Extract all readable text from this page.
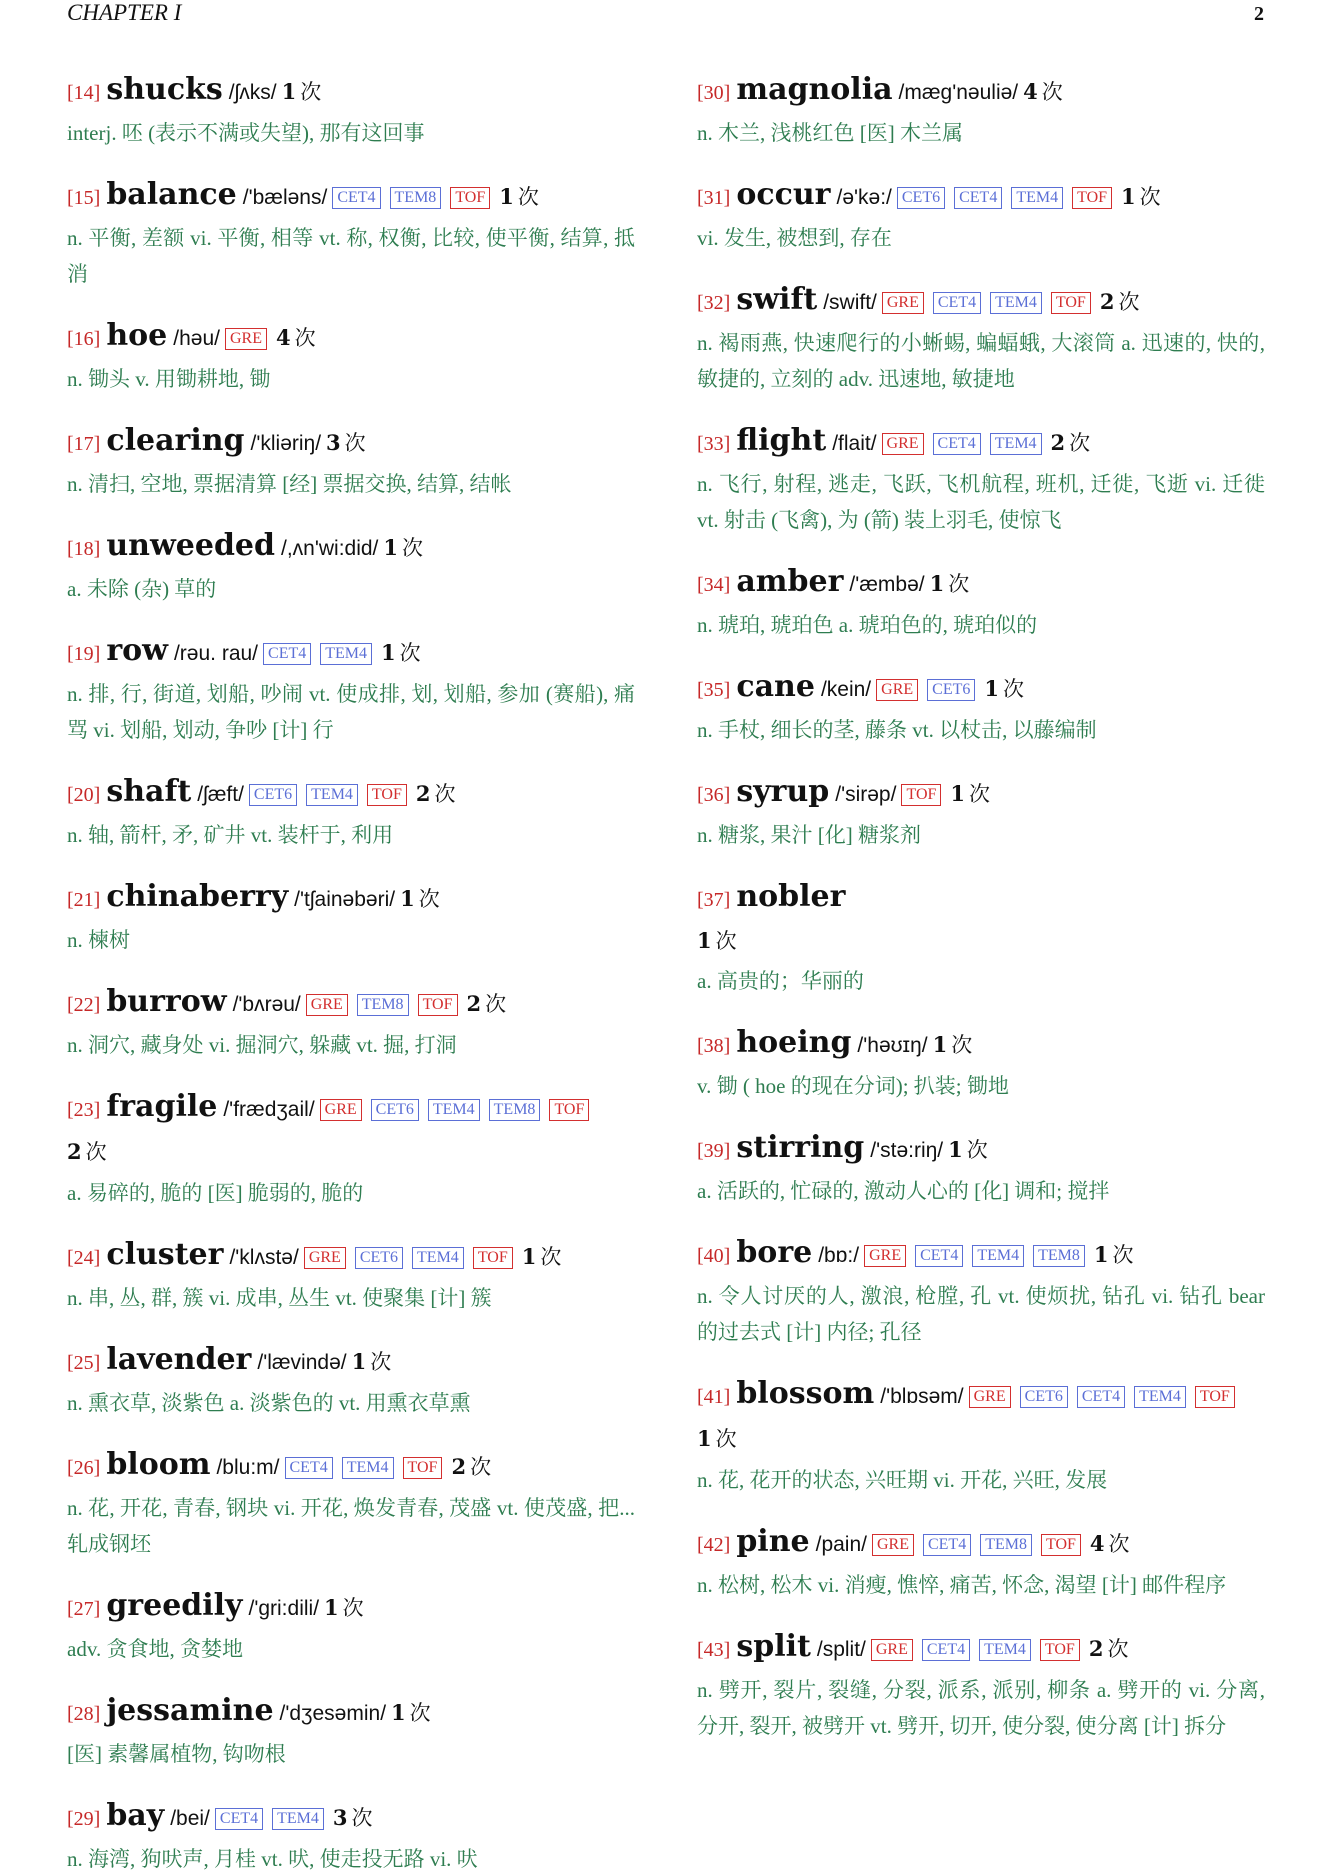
CHAPTER I	2
[14] shucks /ʃʌks/ 1 次
interj. 呸 (表示不满或失望), 那有这回事
[15] balance /'bæləns/ CET4 TEM8 TOF 1 次
n. 平衡, 差额 vi. 平衡, 相等 vt. 称, 权衡, 比较, 使平衡, 结算, 抵消
[16] hoe /həu/ GRE 4 次
n. 锄头 v. 用锄耕地, 锄
[17] clearing /'kliəriŋ/ 3 次
n. 清扫, 空地, 票据清算 [经] 票据交换, 结算, 结帐
[18] unweeded /,ʌn'wi:did/ 1 次
a. 未除 (杂) 草的
[19] row /rəu. rau/ CET4 TEM4 1 次
n. 排, 行, 街道, 划船, 吵闹 vt. 使成排, 划, 划船, 参加 (赛船), 痛骂 vi. 划船, 划动, 争吵 [计] 行
[20] shaft /ʃæft/ CET6 TEM4 TOF 2 次
n. 轴, 箭杆, 矛, 矿井 vt. 装杆于, 利用
[21] chinaberry /'tʃainəbəri/ 1 次
n. 楝树
[22] burrow /'bʌrəu/ GRE TEM8 TOF 2 次
n. 洞穴, 藏身处 vi. 掘洞穴, 躲藏 vt. 掘, 打洞
[23] fragile /'frædʒail/ GRE CET6 TEM4 TEM8 TOF 2 次
a. 易碎的, 脆的 [医] 脆弱的, 脆的
[24] cluster /'klʌstə/ GRE CET6 TEM4 TOF 1 次
n. 串, 丛, 群, 簇 vi. 成串, 丛生 vt. 使聚集 [计] 簇
[25] lavender /'lævində/ 1 次
n. 熏衣草, 淡紫色 a. 淡紫色的 vt. 用熏衣草熏
[26] bloom /blu:m/ CET4 TEM4 TOF 2 次
n. 花, 开花, 青春, 钢块 vi. 开花, 焕发青春, 茂盛 vt. 使茂盛, 把... 轧成钢坯
[27] greedily /'gri:dili/ 1 次
adv. 贪食地, 贪婪地
[28] jessamine /'dʒesəmin/ 1 次
[医] 素馨属植物, 钩吻根
[29] bay /bei/ CET4 TEM4 3 次
n. 海湾, 狗吠声, 月桂 vt. 吠, 使走投无路 vi. 吠
[30] magnolia /mæg'nəuliə/ 4 次
n. 木兰, 浅桃红色 [医] 木兰属
[31] occur /ə'kə:/ CET6 CET4 TEM4 TOF 1 次
vi. 发生, 被想到, 存在
[32] swift /swift/ GRE CET4 TEM4 TOF 2 次
n. 褐雨燕, 快速爬行的小蜥蜴, 蝙蝠蛾, 大滚筒 a. 迅速的, 快的, 敏捷的, 立刻的 adv. 迅速地, 敏捷地
[33] flight /flait/ GRE CET4 TEM4 2 次
n. 飞行, 射程, 逃走, 飞跃, 飞机航程, 班机, 迁徙, 飞逝 vi. 迁徙 vt. 射击 (飞禽), 为 (箭) 装上羽毛, 使惊飞
[34] amber /'æmbə/ 1 次
n. 琥珀, 琥珀色 a. 琥珀色的, 琥珀似的
[35] cane /kein/ GRE CET6 1 次
n. 手杖, 细长的茎, 藤条 vt. 以杖击, 以藤编制
[36] syrup /'sirəp/ TOF 1 次
n. 糖浆, 果汁 [化] 糖浆剂
[37] nobler
1 次
a. 高贵的；华丽的
[38] hoeing /'həʊɪŋ/ 1 次
v. 锄 ( hoe 的现在分词); 扒装; 锄地
[39] stirring /'stə:riŋ/ 1 次
a. 活跃的, 忙碌的, 激动人心的 [化] 调和; 搅拌
[40] bore /bɒ:/ GRE CET4 TEM4 TEM8 1 次
n. 令人讨厌的人, 激浪, 枪膛, 孔 vt. 使烦扰, 钻孔 vi. 钻孔 bear 的过去式 [计] 内径; 孔径
[41] blossom /'blɒsəm/ GRE CET6 CET4 TEM4 TOF 1 次
n. 花, 花开的状态, 兴旺期 vi. 开花, 兴旺, 发展
[42] pine /pain/ GRE CET4 TEM8 TOF 4 次
n. 松树, 松木 vi. 消瘦, 憔悴, 痛苦, 怀念, 渴望 [计] 邮件程序
[43] split /split/ GRE CET4 TEM4 TOF 2 次
n. 劈开, 裂片, 裂缝, 分裂, 派系, 派别, 柳条 a. 劈开的 vi. 分离, 分开, 裂开, 被劈开 vt. 劈开, 切开, 使分裂, 使分离 [计] 拆分
